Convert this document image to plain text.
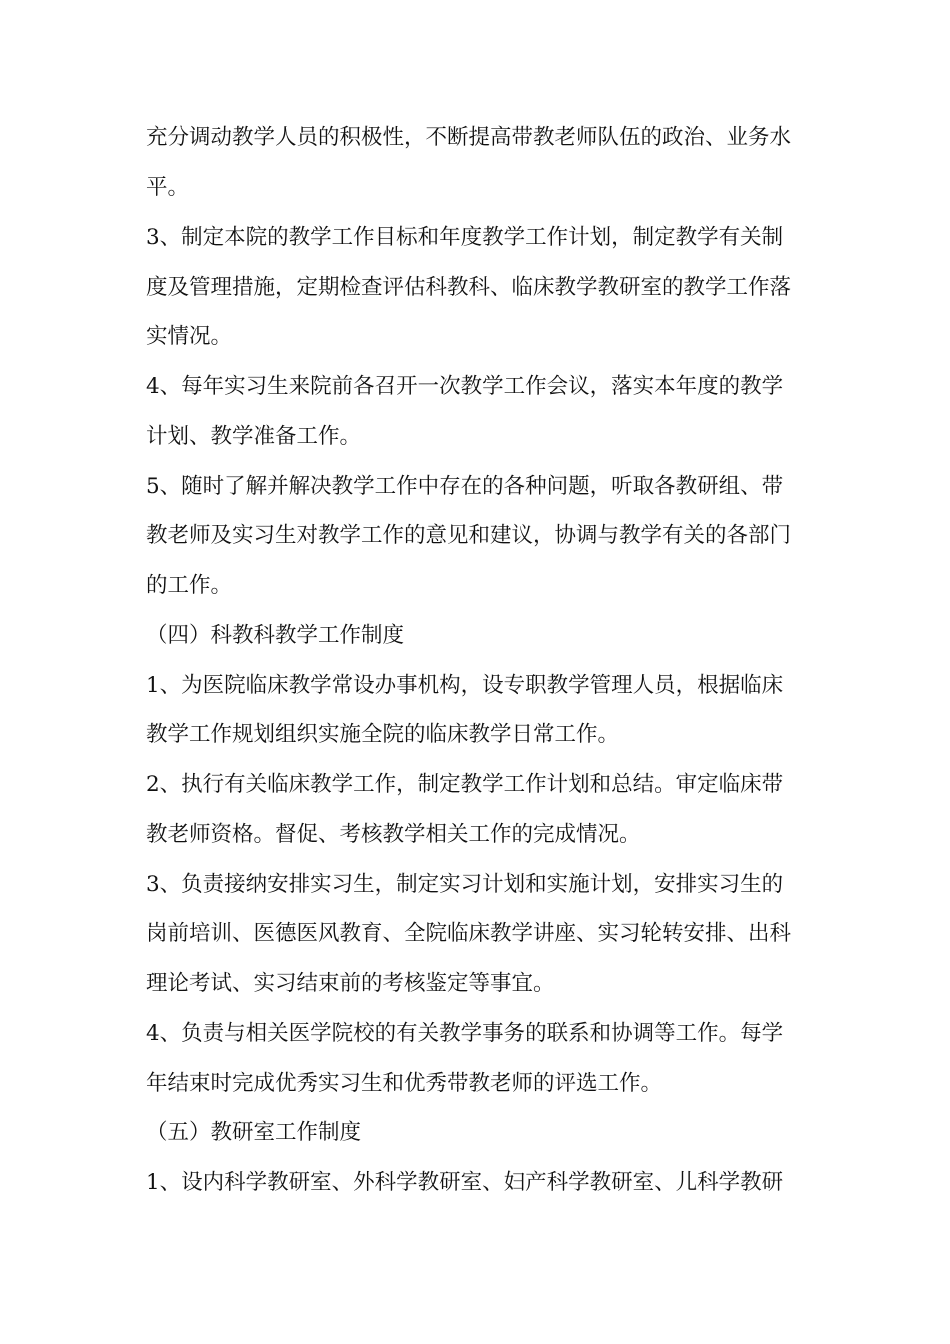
充分调动教学人员的积极性，不断提高带教老师队伍的政治、业务水
平。
3、制定本院的教学工作目标和年度教学工作计划，制定教学有关制
度及管理措施，定期检查评估科教科、临床教学教研室的教学工作落
实情况。
4、每年实习生来院前各召开一次教学工作会议，落实本年度的教学
计划、教学准备工作。
5、随时了解并解决教学工作中存在的各种问题，听取各教研组、带
教老师及实习生对教学工作的意见和建议，协调与教学有关的各部门
的工作。
（四）科教科教学工作制度
1、为医院临床教学常设办事机构，设专职教学管理人员，根据临床
教学工作规划组织实施全院的临床教学日常工作。
2、执行有关临床教学工作，制定教学工作计划和总结。审定临床带
教老师资格。督促、考核教学相关工作的完成情况。
3、负责接纳安排实习生，制定实习计划和实施计划，安排实习生的
岗前培训、医德医风教育、全院临床教学讲座、实习轮转安排、出科
理论考试、实习结束前的考核鉴定等事宜。
4、负责与相关医学院校的有关教学事务的联系和协调等工作。每学
年结束时完成优秀实习生和优秀带教老师的评选工作。
（五）教研室工作制度
1、设内科学教研室、外科学教研室、妇产科学教研室、儿科学教研
